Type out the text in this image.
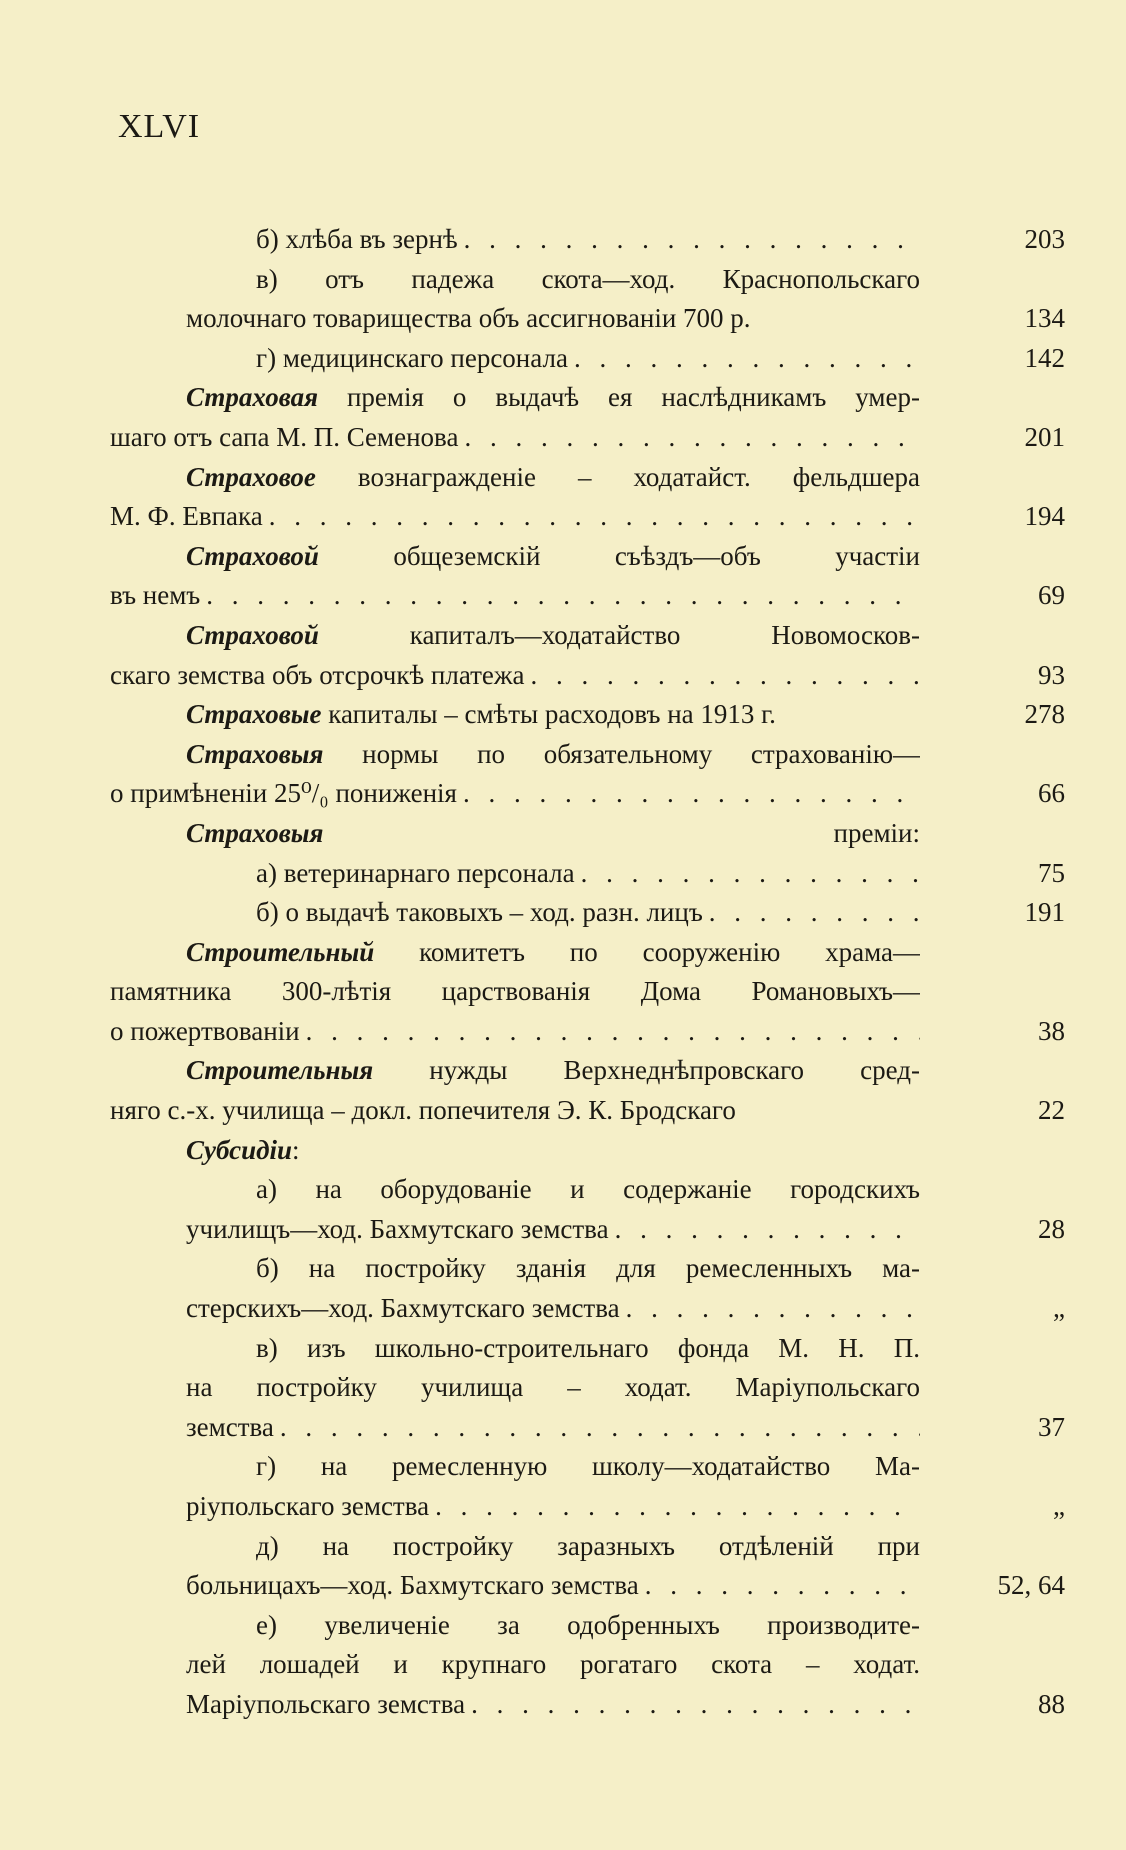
XLVI
б) хлѣба въ зернѣ . . .	203
в) отъ падежа скота—ход. Краснопольскаго
молочнаго товарищества объ ассигнованіи 700 р.	134
г) медицинскаго персонала . . .	142
Страховая премія о выдачѣ ея наслѣдникамъ умер-
шаго отъ сапа М. П. Семенова . . .	201
Страховое вознагражденіе – ходатайст. фельдшера
М. Ф. Евпака . . .	194
Страховой общеземскій съѣздъ—объ участіи
въ немъ . . .	69
Страховой капиталъ—ходатайство Новомосков-
скаго земства объ отсрочкѣ платежа . . .	93
Страховые капиталы – смѣты расходовъ на 1913 г.	278
Страховыя нормы по обязательному страхованію—
о примѣненіи 25⁰/₀ пониженія . . .	66
Страховыя преміи:
а) ветеринарнаго персонала . . .	75
б) о выдачѣ таковыхъ – ход. разн. лицъ . . .	191
Строительный комитетъ по сооруженію храма—
памятника 300-лѣтія царствованія Дома Романовыхъ—
о пожертвованіи . . .	38
Строительныя нужды Верхнеднѣпровскаго сред-
няго с.-х. училища – докл. попечителя Э. К. Бродскаго	22
Субсидіи:
а) на оборудованіе и содержаніе городскихъ
училищъ—ход. Бахмутскаго земства . . .	28
б) на постройку зданія для ремесленныхъ ма-
стерскихъ—ход. Бахмутскаго земства . . .	„
в) изъ школьно-строительнаго фонда М. Н. П.
на постройку училища – ходат. Маріупольскаго
земства . . .	37
г) на ремесленную школу—ходатайство Ма-
ріупольскаго земства . . .	„
д) на постройку заразныхъ отдѣленій при
больницахъ—ход. Бахмутскаго земства . . .	52, 64
е) увеличеніе за одобренныхъ производите-
лей лошадей и крупнаго рогатаго скота – ходат.
Маріупольскаго земства . . .	88
